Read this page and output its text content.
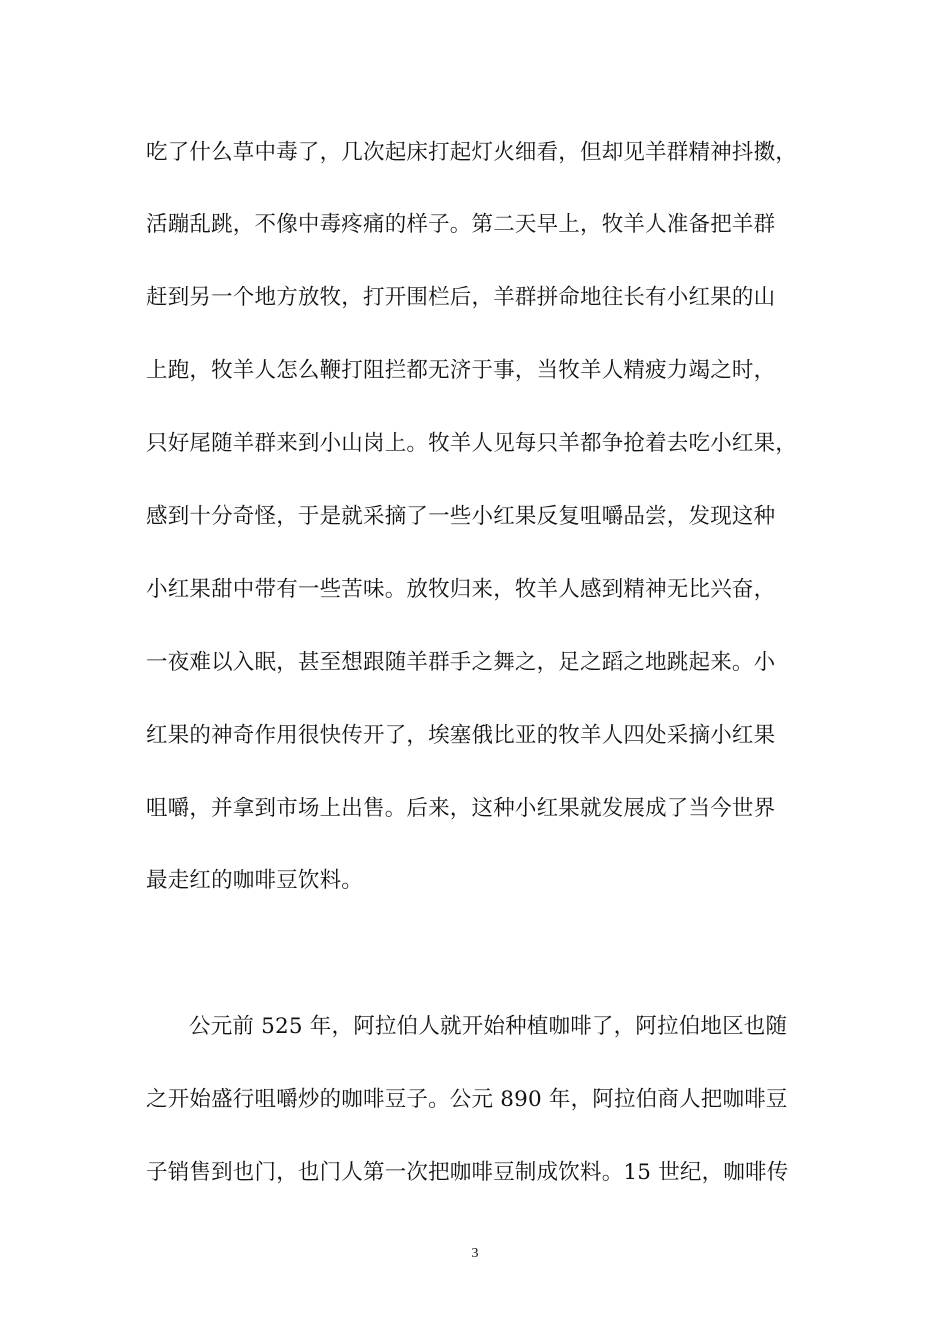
吃了什么草中毒了，几次起床打起灯火细看，但却见羊群精神抖擞，
活蹦乱跳，不像中毒疼痛的样子。第二天早上，牧羊人准备把羊群
赶到另一个地方放牧，打开围栏后，羊群拼命地往长有小红果的山
上跑，牧羊人怎么鞭打阻拦都无济于事，当牧羊人精疲力竭之时，
只好尾随羊群来到小山岗上。牧羊人见每只羊都争抢着去吃小红果，
感到十分奇怪，于是就采摘了一些小红果反复咀嚼品尝，发现这种
小红果甜中带有一些苦味。放牧归来，牧羊人感到精神无比兴奋，
一夜难以入眠，甚至想跟随羊群手之舞之，足之蹈之地跳起来。小
红果的神奇作用很快传开了，埃塞俄比亚的牧羊人四处采摘小红果
咀嚼，并拿到市场上出售。后来，这种小红果就发展成了当今世界
最走红的咖啡豆饮料。
公元前 525 年，阿拉伯人就开始种植咖啡了，阿拉伯地区也随
之开始盛行咀嚼炒的咖啡豆子。公元 890 年，阿拉伯商人把咖啡豆
子销售到也门，也门人第一次把咖啡豆制成饮料。15 世纪，咖啡传
3
